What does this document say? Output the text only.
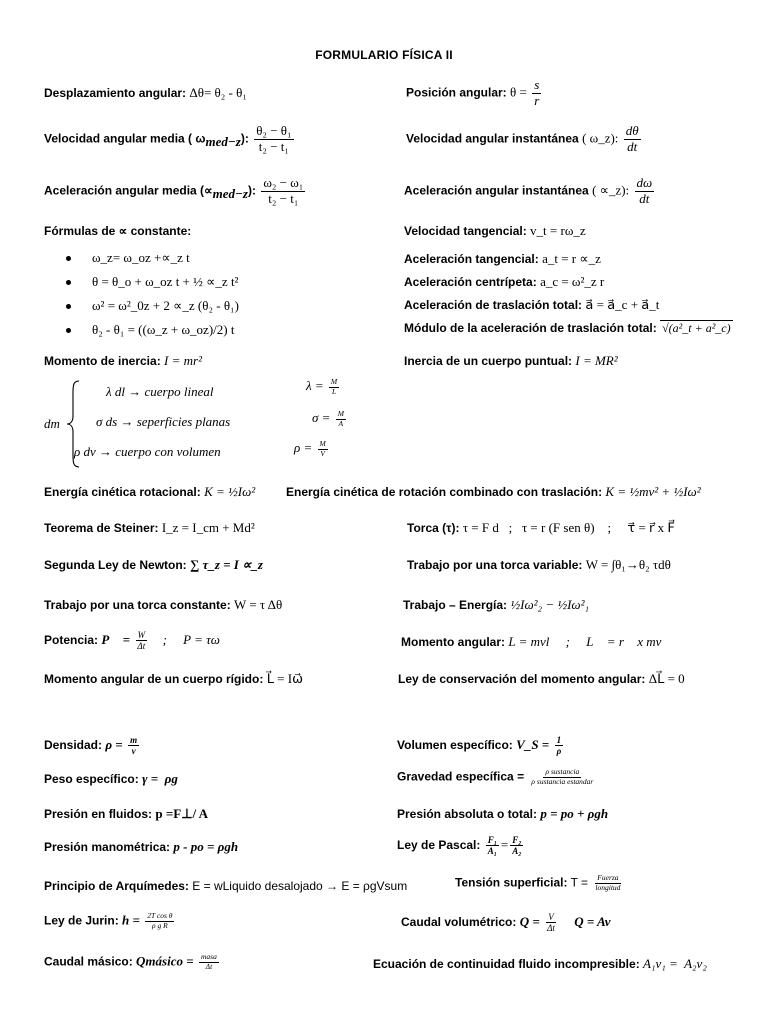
FORMULARIO FÍSICA II
Desplazamiento angular: Δθ= θ₂ - θ₁	Posición angular: $\theta = \frac{s}{r}$
Velocidad angular media ( $\omega_{med-z}$): $\frac{\text{θ₂ − θ₁}}{\text{t₂ − t₁}}$	Velocidad angular instantánea ( ω_z): $\frac{d\theta}{dt}$
Aceleración angular media $(\propto_{med-z})$: $\frac{\text{ω₂ − ω₁}}{\text{t₂ − t₁}}$	Aceleración angular instantánea ( ∝_z): $\frac{d\omega}{dt}$
Fórmulas de ∝ constante:	Velocidad tangencial: v_t = rω_z
ω_z= ω_oz +∝_z t
θ = θ_o + ω_oz t + ½ ∝_z t²
ω² = ω²_0z + 2 ∝_z (θ₂ - θ₁)
θ₂ - θ₁ = ((ω_z + ω_oz)/2) t
Aceleración tangencial: a_t = r ∝_z
Aceleración centrípeta: a_c = ω²_z r
Aceleración de traslación total: a⃗ = a⃗_c + a⃗_t
Módulo de la aceleración de traslación total: √(a²_t + a²_c)
Momento de inercia: I = mr²	Inercia de un cuerpo puntual: I = MR²
dm
λ dl → cuerpo lineal
σ ds → seperficies planas
ρ dv → cuerpo con volumen
$\lambda = \frac{M}{L}$
$\sigma = \frac{M}{A}$
$\rho = \frac{M}{V}$
Energía cinética rotacional: K = ½Iω²	Energía cinética de rotación combinado con traslación: K = ½mv² + ½Iω²
Teorema de Steiner: I_z = I_cm + Md²	Torca (τ): τ = F d   ;   τ = r (F sen θ)    ;     τ⃗ = r⃗ x F⃗
Segunda Ley de Newton: ∑ τ_z = I ∝_z	Trabajo por una torca variable: W = ∫θ₁→θ₂ τdθ
Trabajo por una torca constante: W = τ Δθ	Trabajo – Energía: ½Iω²₂ − ½Iω²₁
Potencia: P⃗ = $\frac{W}{\Delta t}$ ;     P = τω	Momento angular: L = mvl     ;     L⃗ = r⃗ x mv⃗
Momento angular de un cuerpo rígido: L⃗ = Iω⃗	Ley de conservación del momento angular: ΔL⃗ = 0
Densidad: $\rho = \frac{m}{v}$	Volumen específico: V_S = $\frac{1}{\rho}$
Peso específico: γ =  ρg	Gravedad específica = $\frac{\text{ρ sustancia}}{\text{ρ sustancia estandar}}$
Presión en fluidos: p =F⊥/ A	Presión absoluta o total: p = po + ρgh
Presión manométrica: p - po = ρgh	Ley de Pascal: $\frac{\text{F₁}}{\text{A₁}} = \frac{\text{F₂}}{\text{A₂}}$
Principio de Arquímedes: E = wLiquido desalojado → E = ρgVsum	Tensión superficial: $T = \frac{\text{Fuerza}}{\text{longitud}}$
Ley de Jurin: $h = \frac{\text{2T cos θ}}{\text{ρ g R}}$	Caudal volumétrico: $Q = \frac{V}{\Delta t}$ Q = Av
Caudal másico: Qmásico = $\frac{\text{masa}}{\Delta t}$	Ecuación de continuidad fluido incompresible: A₁v₁ =  A₂v₂
